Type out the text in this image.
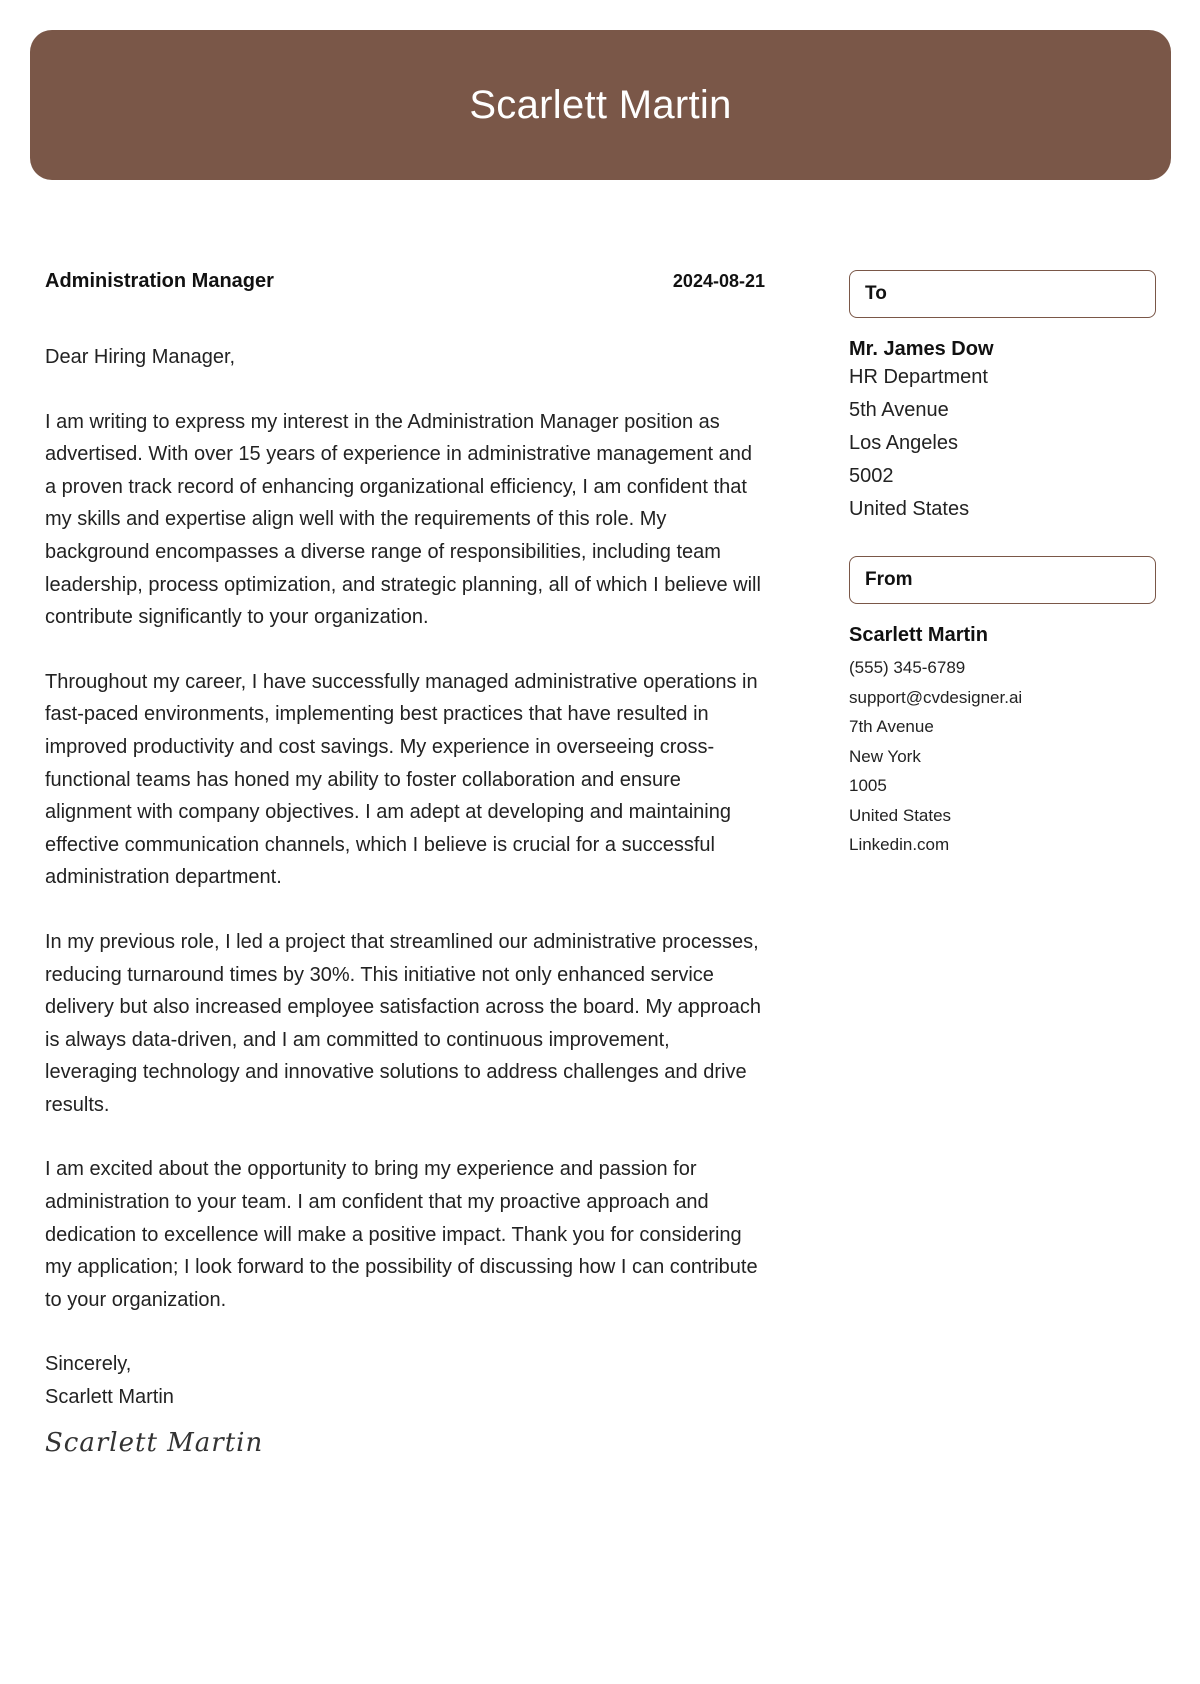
Scarlett Martin
Administration Manager	2024-08-21

Dear Hiring Manager,

I am writing to express my interest in the Administration Manager position as advertised. With over 15 years of experience in administrative management and a proven track record of enhancing organizational efficiency, I am confident that my skills and expertise align well with the requirements of this role. My background encompasses a diverse range of responsibilities, including team leadership, process optimization, and strategic planning, all of which I believe will contribute significantly to your organization.

Throughout my career, I have successfully managed administrative operations in fast-paced environments, implementing best practices that have resulted in improved productivity and cost savings. My experience in overseeing cross-functional teams has honed my ability to foster collaboration and ensure alignment with company objectives. I am adept at developing and maintaining effective communication channels, which I believe is crucial for a successful administration department.

In my previous role, I led a project that streamlined our administrative processes, reducing turnaround times by 30%. This initiative not only enhanced service delivery but also increased employee satisfaction across the board. My approach is always data-driven, and I am committed to continuous improvement, leveraging technology and innovative solutions to address challenges and drive results.

I am excited about the opportunity to bring my experience and passion for administration to your team. I am confident that my proactive approach and dedication to excellence will make a positive impact. Thank you for considering my application; I look forward to the possibility of discussing how I can contribute to your organization.

Sincerely,
Scarlett Martin
Scarlett Martin
To
Mr. James Dow
HR Department
5th Avenue
Los Angeles
5002
United States
From
Scarlett Martin
(555) 345-6789
support@cvdesigner.ai
7th Avenue
New York
1005
United States
Linkedin.com
